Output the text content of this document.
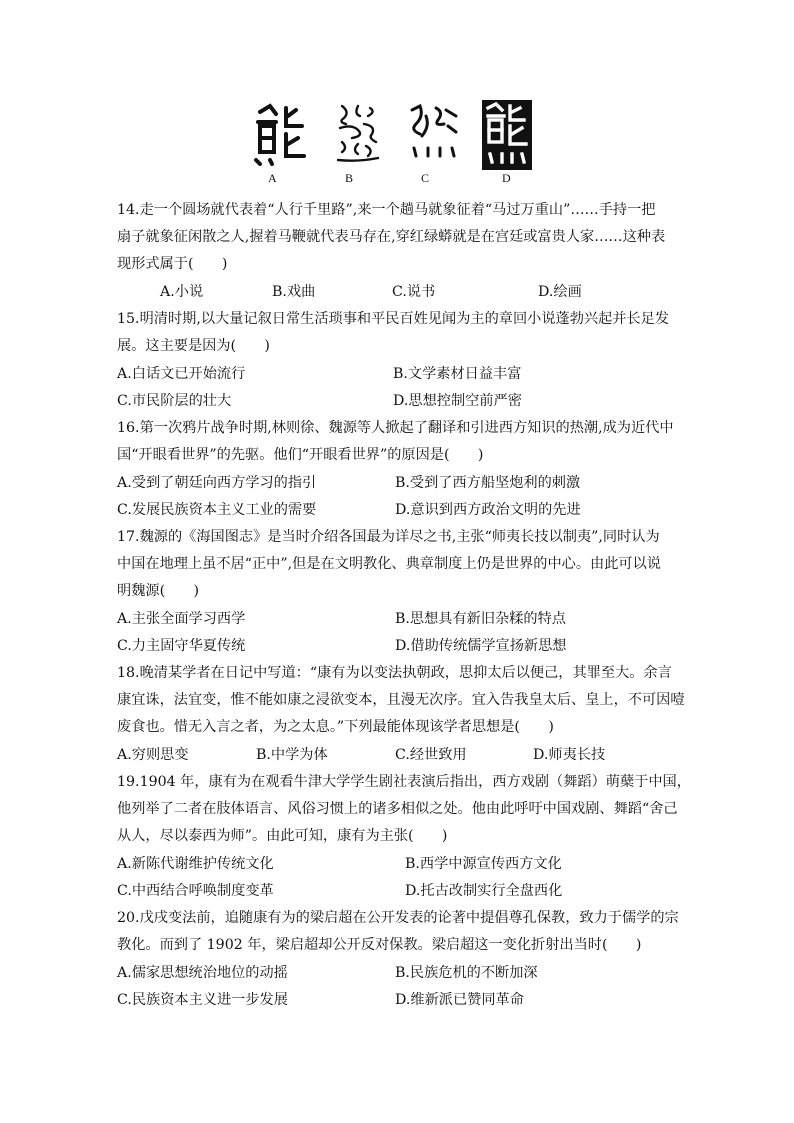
A	B	C	D
14.走一个圆场就代表着“人行千里路”,来一个趟马就象征着“马过万重山”……手持一把
扇子就象征闲散之人,握着马鞭就代表马存在,穿红绿蟒就是在宫廷或富贵人家……这种表
现形式属于(　　)
A.小说	B.戏曲	C.说书	D.绘画
15.明清时期,以大量记叙日常生活琐事和平民百姓见闻为主的章回小说蓬勃兴起并长足发
展。这主要是因为(　　)
A.白话文已开始流行	B.文学素材日益丰富
C.市民阶层的壮大	D.思想控制空前严密
16.第一次鸦片战争时期,林则徐、魏源等人掀起了翻译和引进西方知识的热潮,成为近代中
国“开眼看世界”的先驱。他们“开眼看世界”的原因是(　　)
A.受到了朝廷向西方学习的指引	B.受到了西方船坚炮利的刺激
C.发展民族资本主义工业的需要	D.意识到西方政治文明的先进
17.魏源的《海国图志》是当时介绍各国最为详尽之书,主张“师夷长技以制夷”,同时认为
中国在地理上虽不居“正中”,但是在文明教化、典章制度上仍是世界的中心。由此可以说
明魏源(　　)
A.主张全面学习西学	B.思想具有新旧杂糅的特点
C.力主固守华夏传统	D.借助传统儒学宣扬新思想
18.晚清某学者在日记中写道：“康有为以变法执朝政，思抑太后以便己，其罪至大。余言
康宜诛，法宜变，惟不能如康之浸欲变本，且漫无次序。宜入告我皇太后、皇上，不可因噎
废食也。惜无入言之者，为之太息。”下列最能体现该学者思想是(　　)
A.穷则思变	B.中学为体	C.经世致用	D.师夷长技
19.1904 年，康有为在观看牛津大学学生剧社表演后指出，西方戏剧（舞蹈）萌蘖于中国，
他列举了二者在肢体语言、风俗习惯上的诸多相似之处。他由此呼吁中国戏剧、舞蹈“舍己
从人，尽以泰西为师”。由此可知，康有为主张(　　)
A.新陈代谢维护传统文化	B.西学中源宣传西方文化
C.中西结合呼唤制度变革	D.托古改制实行全盘西化
20.戊戌变法前，追随康有为的梁启超在公开发表的论著中提倡尊孔保教，致力于儒学的宗
教化。而到了 1902 年，梁启超却公开反对保教。梁启超这一变化折射出当时(　　)
A.儒家思想统治地位的动摇	B.民族危机的不断加深
C.民族资本主义进一步发展	D.维新派已赞同革命
